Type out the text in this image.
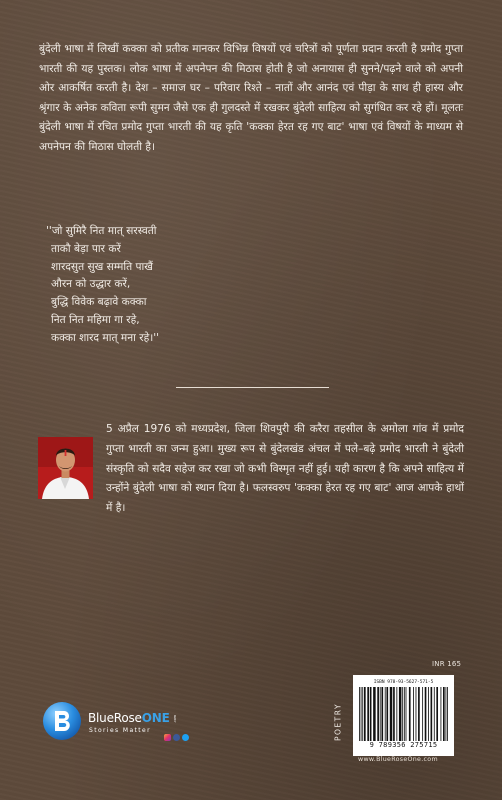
बुंदेली भाषा में लिखीं कक्का को प्रतीक मानकर विभिन्न विषयों एवं चरित्रों को पूर्णता प्रदान करती है प्रमोद गुप्ता भारती की यह पुस्तक। लोक भाषा में अपनेपन की मिठास होती है जो अनायास ही सुनने/पढ़ने वाले को अपनी ओर आकर्षित करती है। देश – समाज घर – परिवार रिश्ते – नातों और आनंद एवं पीड़ा के साथ ही हास्य और श्रृंगार के अनेक कविता रूपी सुमन जैसे एक ही गुलदस्ते में रखकर बुंदेली साहित्य को सुगंधित कर रहे हों। मूलतः बुंदेली भाषा में रचित प्रमोद गुप्ता भारती की यह कृति 'कक्का हेरत रह गए बाट' भाषा एवं विषयों के माध्यम से अपनेपन की मिठास घोलती है।

''जो सुमिरै नित मात् सरस्वती
ताकौ बेड़ा पार करें
शारदसुत सुख सम्मति पाखैं
औरन को उद्धार करें,
बुद्धि विवेक बढ़ावे कक्का
नित नित महिमा गा रहे,
कक्का शारद मात् मना रहे।''

5 अप्रैल 1976 को मध्यप्रदेश, जिला शिवपुरी की करैरा तहसील के अमोला गांव में प्रमोद गुप्ता भारती का जन्म हुआ। मुख्य रूप से बुंदेलखंड अंचल में पले–बढ़े प्रमोद भारती ने बुंदेली संस्कृति को सदैव सहेज कर रखा जो कभी विस्मृत नहीं हुई। यही कारण है कि अपने साहित्य में उन्होंने बुंदेली भाषा को स्थान दिया है। फलस्वरुप 'कक्का हेरत रह गए बाट' आज आपके हाथों में है।

INR 165
POETRY
ISBN 978-93-5627-571-5
9 789356 275715
www.BlueRoseOne.com
BlueRoseONE .com
Stories Matter
